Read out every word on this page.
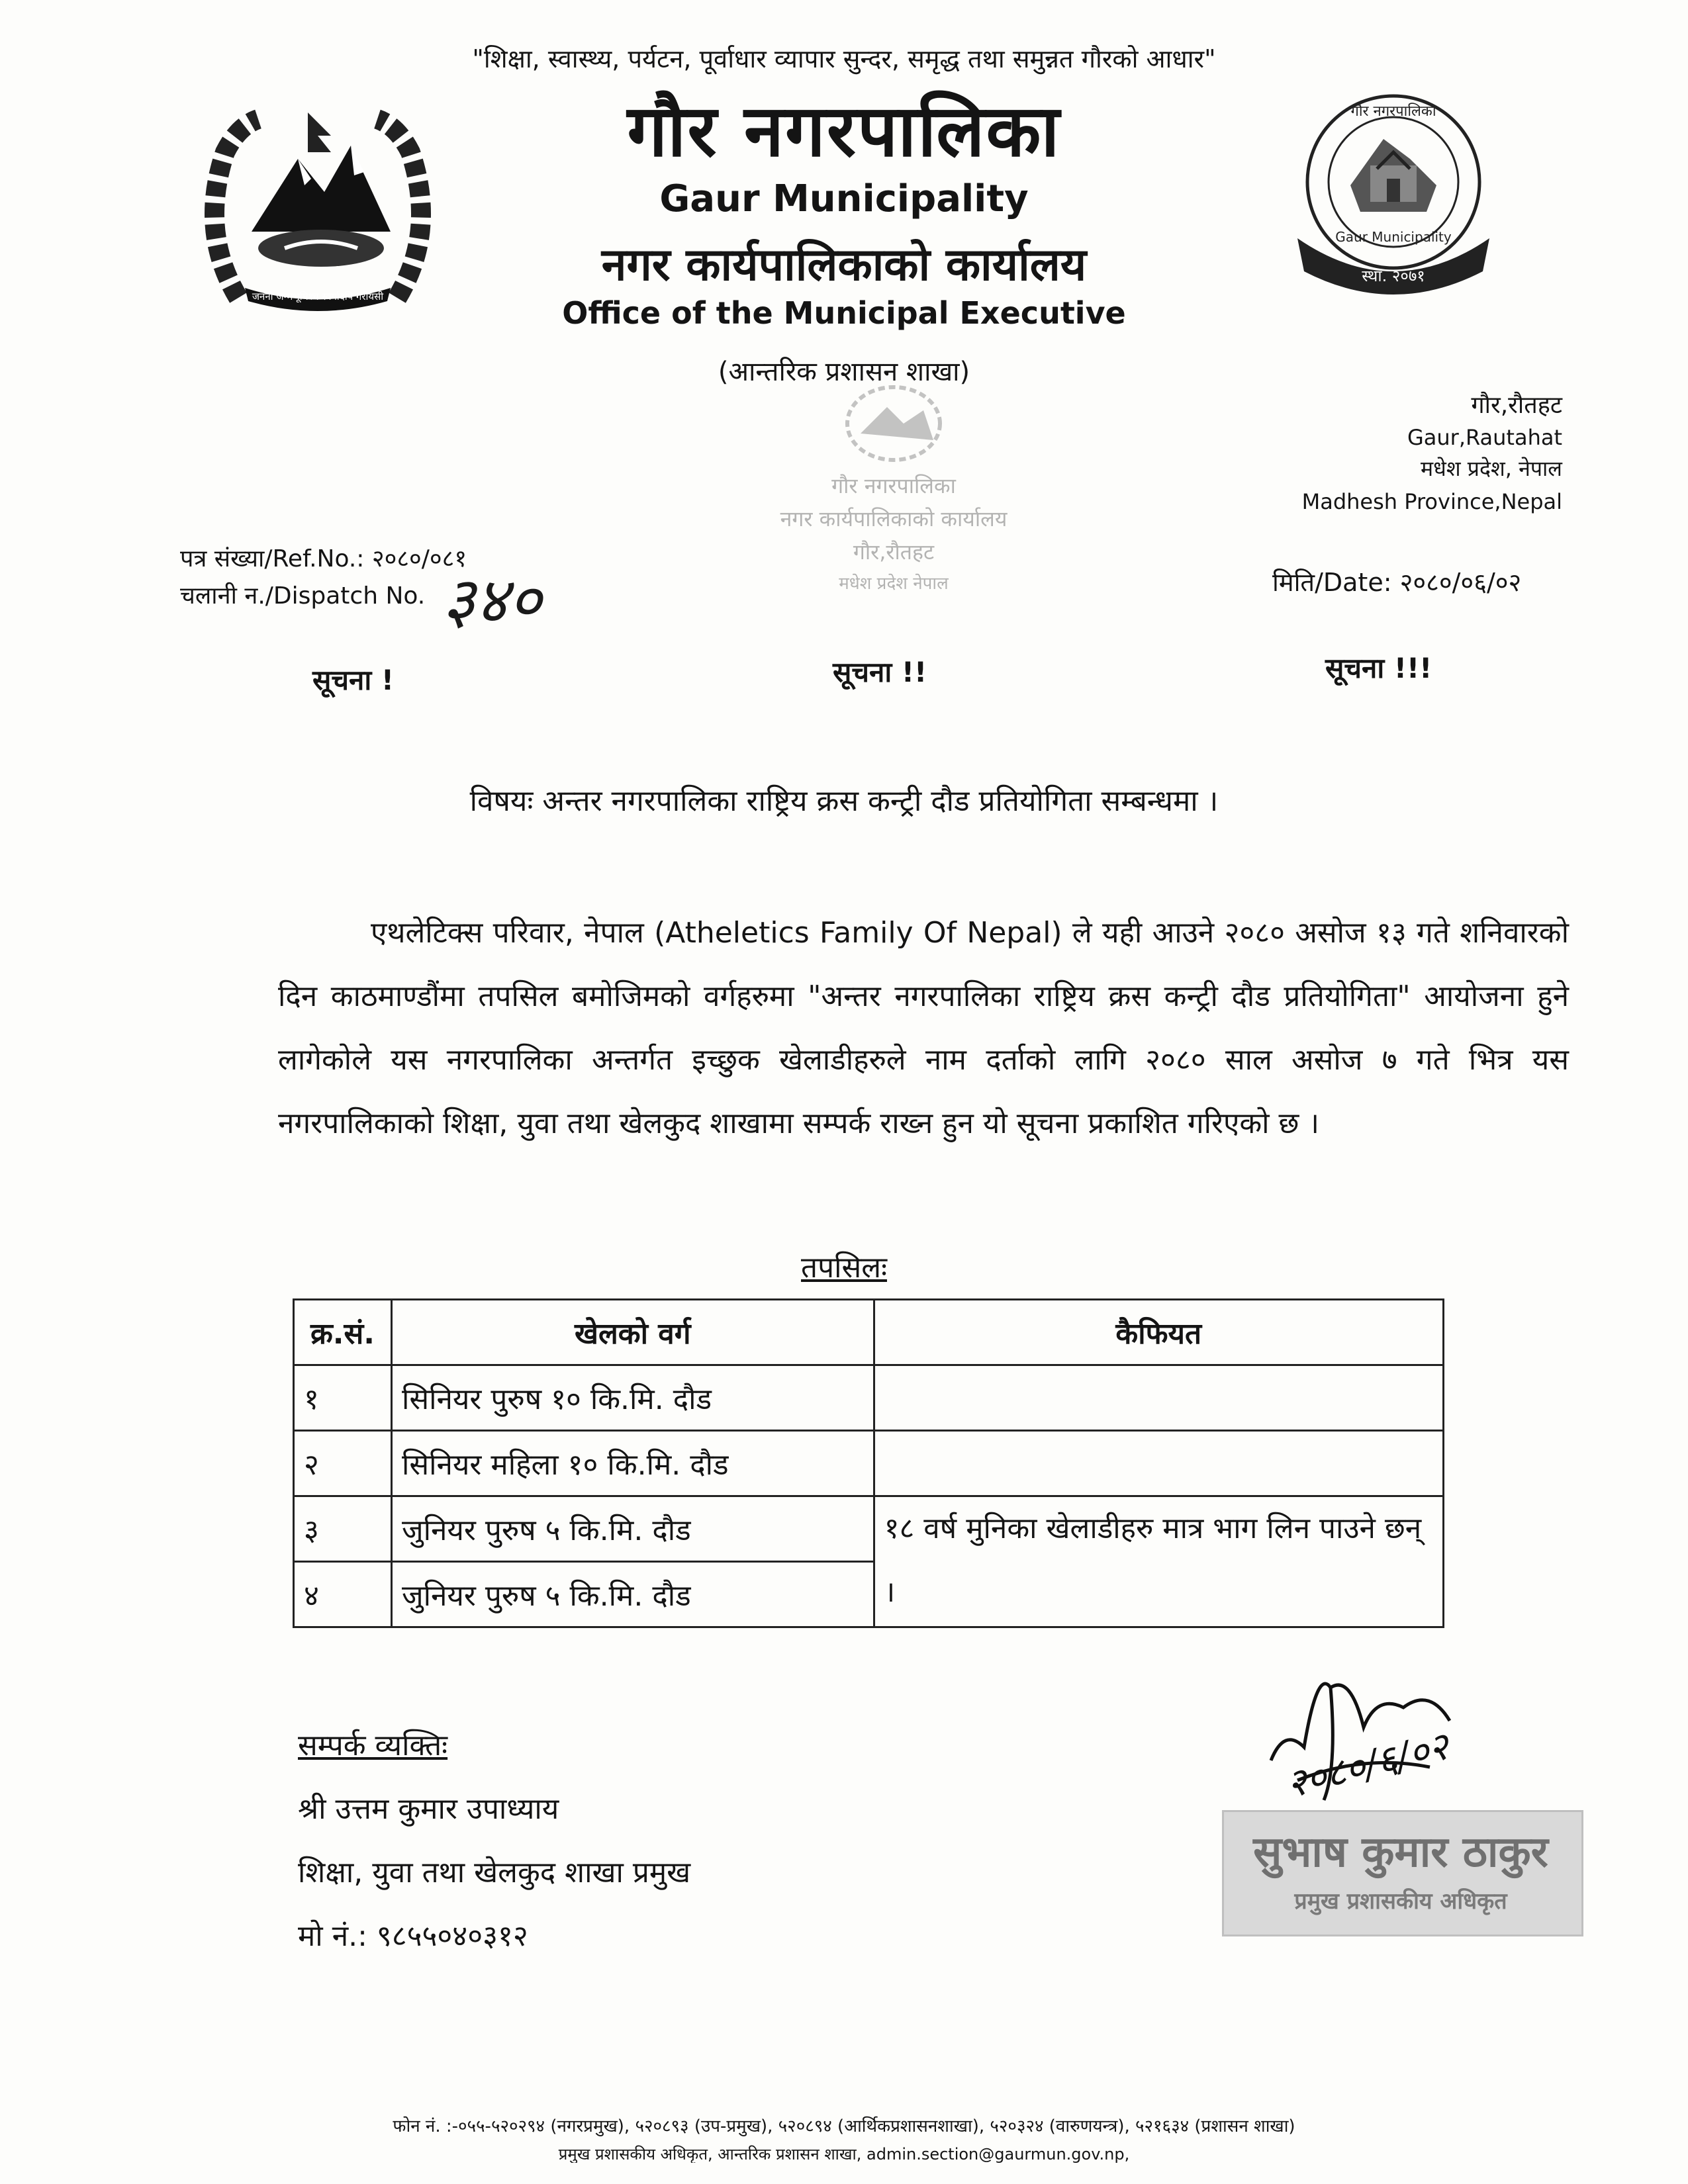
जननी जन्मभूमिश्च स्वर्गादपि गरीयसी
स्था. २०७१
गौर नगरपालिका
Gaur Municipality
"शिक्षा, स्वास्थ्य, पर्यटन, पूर्वाधार व्यापार सुन्दर, समृद्ध तथा समुन्नत गौरको आधार"
गौर नगरपालिका
Gaur Municipality
नगर कार्यपालिकाको कार्यालय
Office of the Municipal Executive
(आन्तरिक प्रशासन शाखा)
गौर नगरपालिका
नगर कार्यपालिकाको कार्यालय
गौर,रौतहट
मधेश प्रदेश नेपाल
गौर,रौतहट
Gaur,Rautahat
मधेश प्रदेश, नेपाल
Madhesh Province,Nepal
पत्र संख्या/Ref.No.: २०८०/०८१
चलानी न./Dispatch No. ३४०	मिति/Date: २०८०/०६/०२
सूचना !	सूचना !!	सूचना !!!
विषयः अन्तर नगरपालिका राष्ट्रिय क्रस कन्ट्री दौड प्रतियोगिता सम्बन्धमा ।

एथलेटिक्स परिवार, नेपाल (Atheletics Family Of Nepal) ले यही आउने २०८० असोज १३ गते शनिवारको दिन काठमाण्डौंमा तपसिल बमोजिमको वर्गहरुमा "अन्तर नगरपालिका राष्ट्रिय क्रस कन्ट्री दौड प्रतियोगिता" आयोजना हुने लागेकोले यस नगरपालिका अन्तर्गत इच्छुक खेलाडीहरुले नाम दर्ताको लागि २०८० साल असोज ७ गते भित्र यस नगरपालिकाको शिक्षा, युवा तथा खेलकुद शाखामा सम्पर्क राख्न हुन यो सूचना प्रकाशित गरिएको छ ।

तपसिलः
क्र.सं.	खेलको वर्ग	कैफियत
१	सिनियर पुरुष १० कि.मि. दौड	
२	सिनियर महिला १० कि.मि. दौड	
३	जुनियर पुरुष ५ कि.मि. दौड	१८ वर्ष मुनिका खेलाडीहरु मात्र भाग लिन पाउने छन् ।
४	जुनियर पुरुष ५ कि.मि. दौड	
सम्पर्क व्यक्तिः
श्री उत्तम कुमार उपाध्याय
शिक्षा, युवा तथा खेलकुद शाखा प्रमुख
मो नं.: ९८५५०४०३१२
२०८०/६/०२
सुभाष कुमार ठाकुर
प्रमुख प्रशासकीय अधिकृत
फोन नं. :-०५५-५२०२९४ (नगरप्रमुख), ५२०८९३ (उप-प्रमुख), ५२०८९४ (आर्थिकप्रशासनशाखा), ५२०३२४ (वारुणयन्त्र), ५२१६३४ (प्रशासन शाखा)
प्रमुख प्रशासकीय अधिकृत, आन्तरिक प्रशासन शाखा, admin.section@gaurmun.gov.np,
